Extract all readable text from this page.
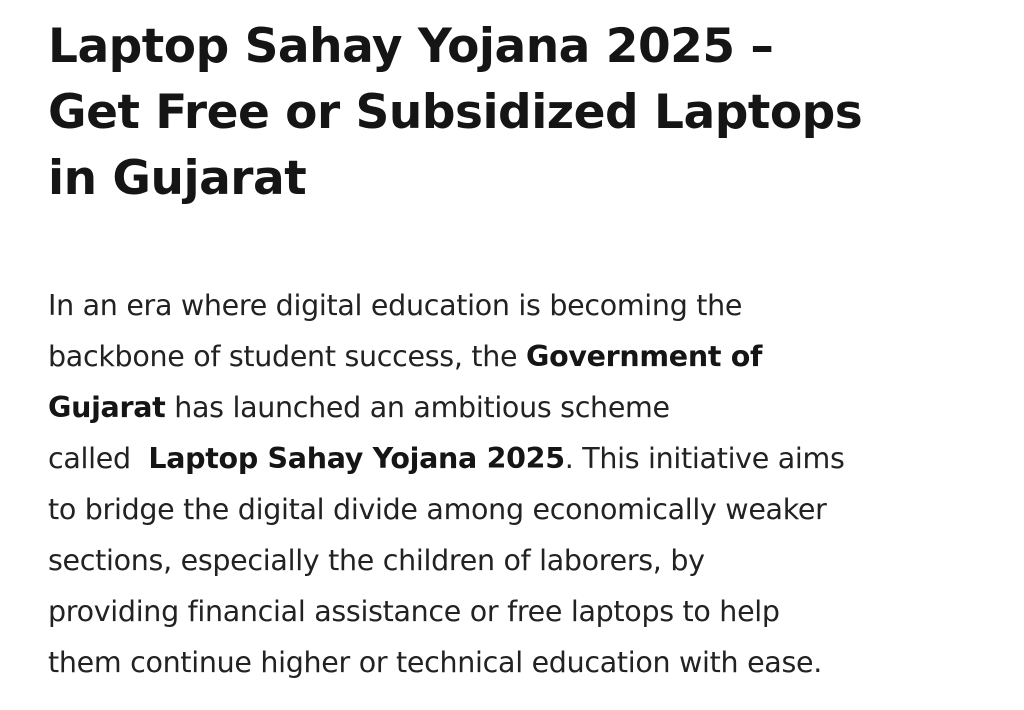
Laptop Sahay Yojana 2025 –
Get Free or Subsidized Laptops
in Gujarat

In an era where digital education is becoming the
backbone of student success, the Government of
Gujarat has launched an ambitious scheme
called  Laptop Sahay Yojana 2025. This initiative aims
to bridge the digital divide among economically weaker
sections, especially the children of laborers, by
providing financial assistance or free laptops to help
them continue higher or technical education with ease.
